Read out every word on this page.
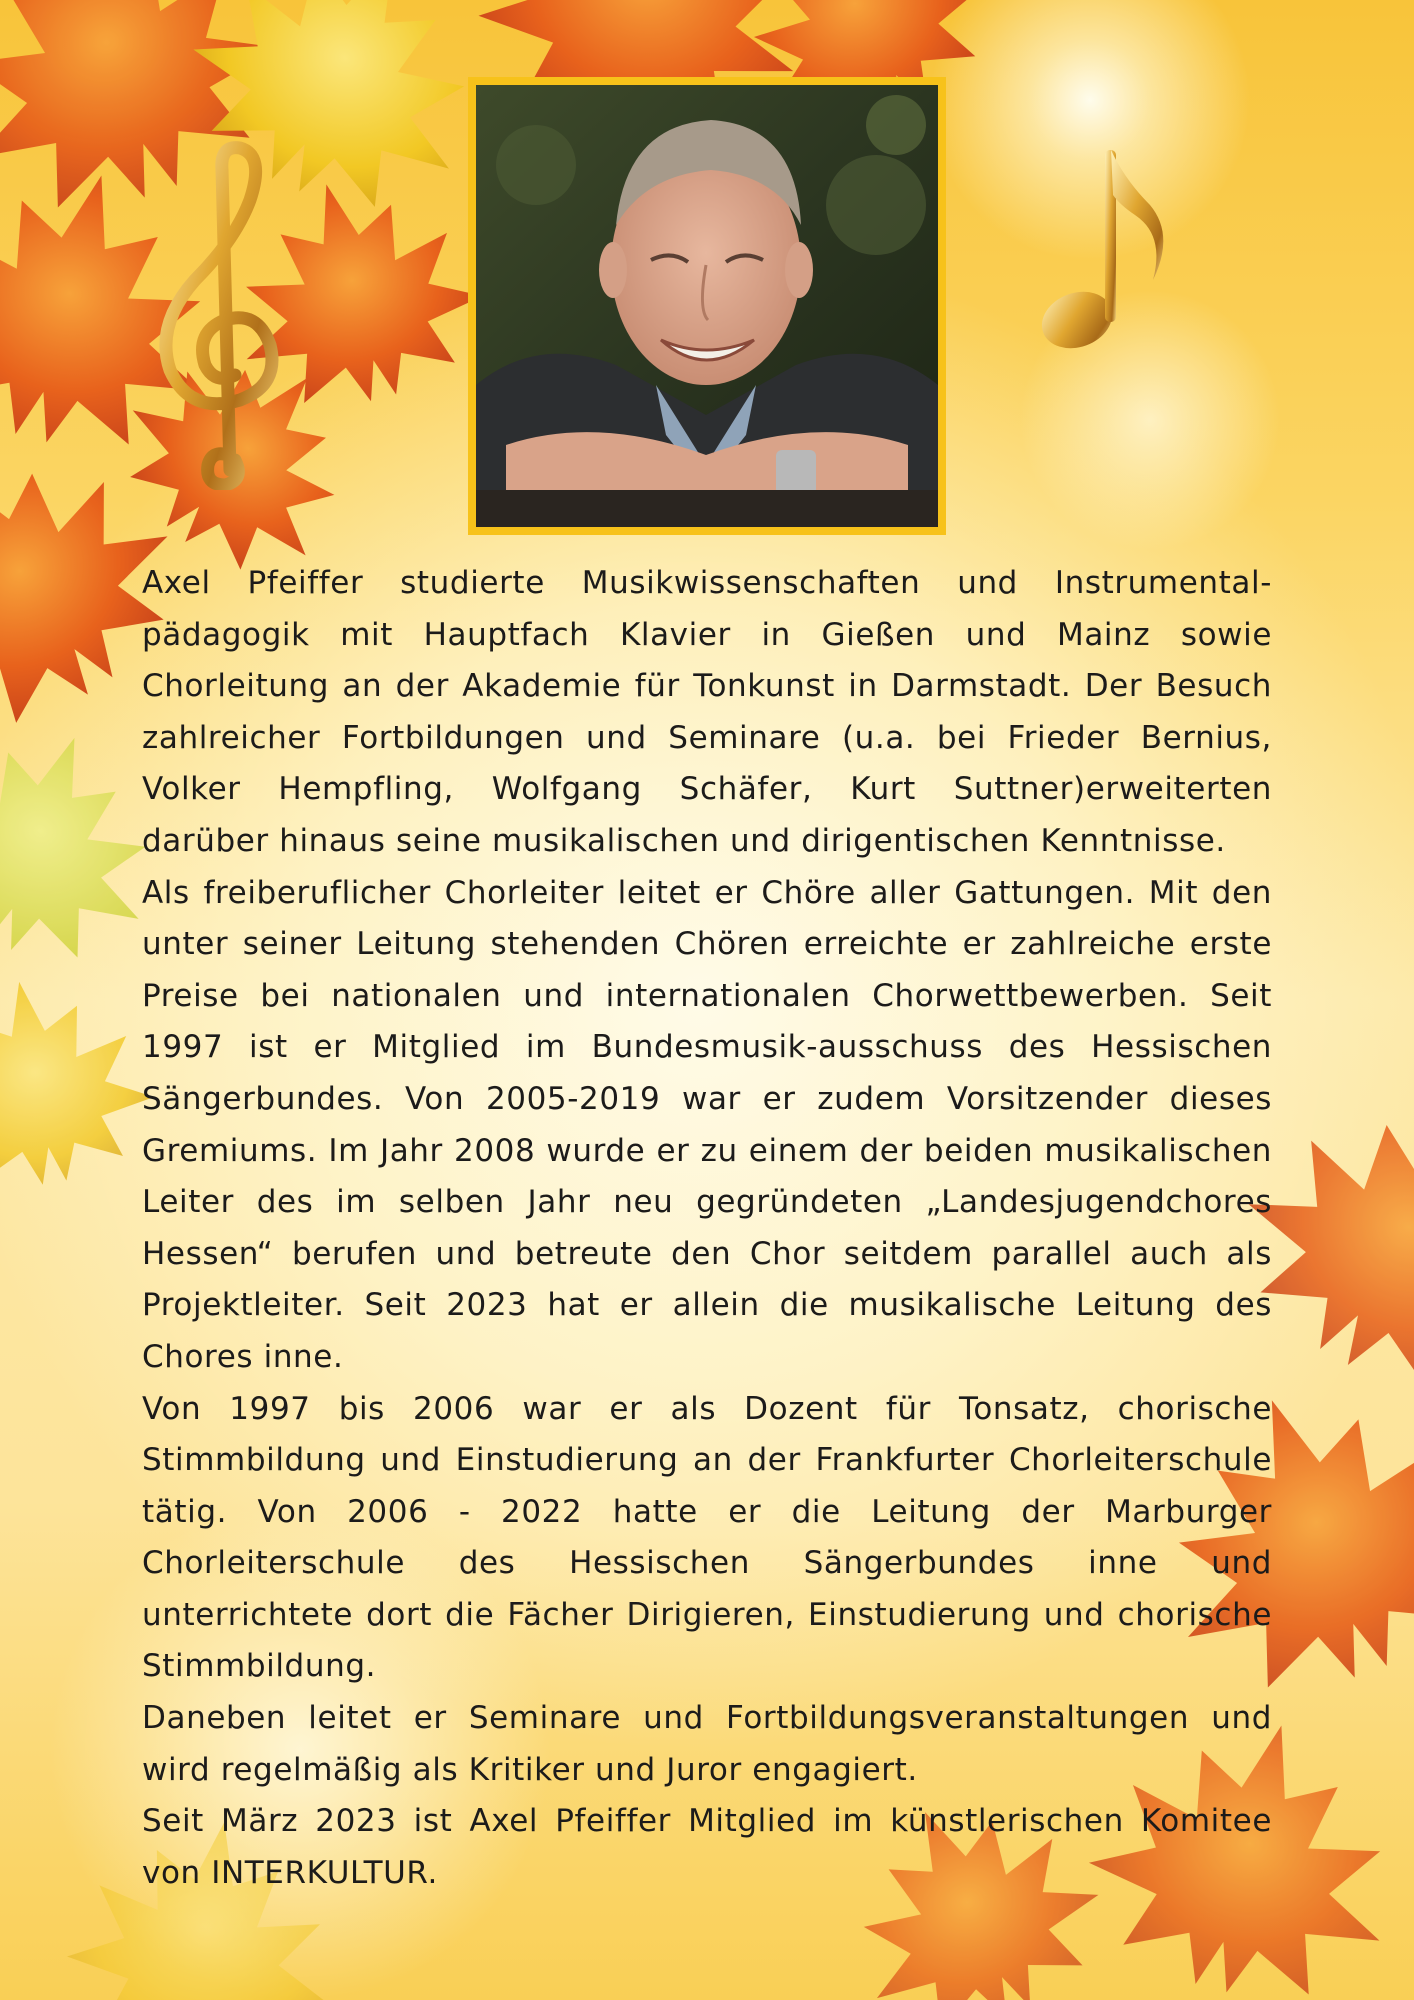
Axel Pfeiffer studierte Musikwissenschaften und Instrumental-pädagogik mit Hauptfach Klavier in Gießen und Mainz sowie Chorleitung an der Akademie für Tonkunst in Darmstadt. Der Besuch zahlreicher Fortbildungen und Seminare (u.a. bei Frieder Bernius, Volker Hempfling, Wolfgang Schäfer, Kurt Suttner)erweiterten darüber hinaus seine musikalischen und dirigentischen Kenntnisse.

Als freiberuflicher Chorleiter leitet er Chöre aller Gattungen. Mit den unter seiner Leitung stehenden Chören erreichte er zahlreiche erste Preise bei nationalen und internationalen Chorwettbewerben. Seit 1997 ist er Mitglied im Bundesmusik-ausschuss des Hessischen Sängerbundes. Von 2005-2019 war er zudem Vorsitzender dieses Gremiums. Im Jahr 2008 wurde er zu einem der beiden musikalischen Leiter des im selben Jahr neu gegründeten „Landesjugendchores Hessen“ berufen und betreute den Chor seitdem parallel auch als Projektleiter. Seit 2023 hat er allein die musikalische Leitung des Chores inne.

Von 1997 bis 2006 war er als Dozent für Tonsatz, chorische Stimmbildung und Einstudierung an der Frankfurter Chorleiterschule tätig. Von 2006 - 2022 hatte er die Leitung der Marburger Chorleiterschule des Hessischen Sängerbundes inne und unterrichtete dort die Fächer Dirigieren, Einstudierung und chorische Stimmbildung.

Daneben leitet er Seminare und Fortbildungsveranstaltungen und wird regelmäßig als Kritiker und Juror engagiert.

Seit März 2023 ist Axel Pfeiffer Mitglied im künstlerischen Komitee von INTERKULTUR.
